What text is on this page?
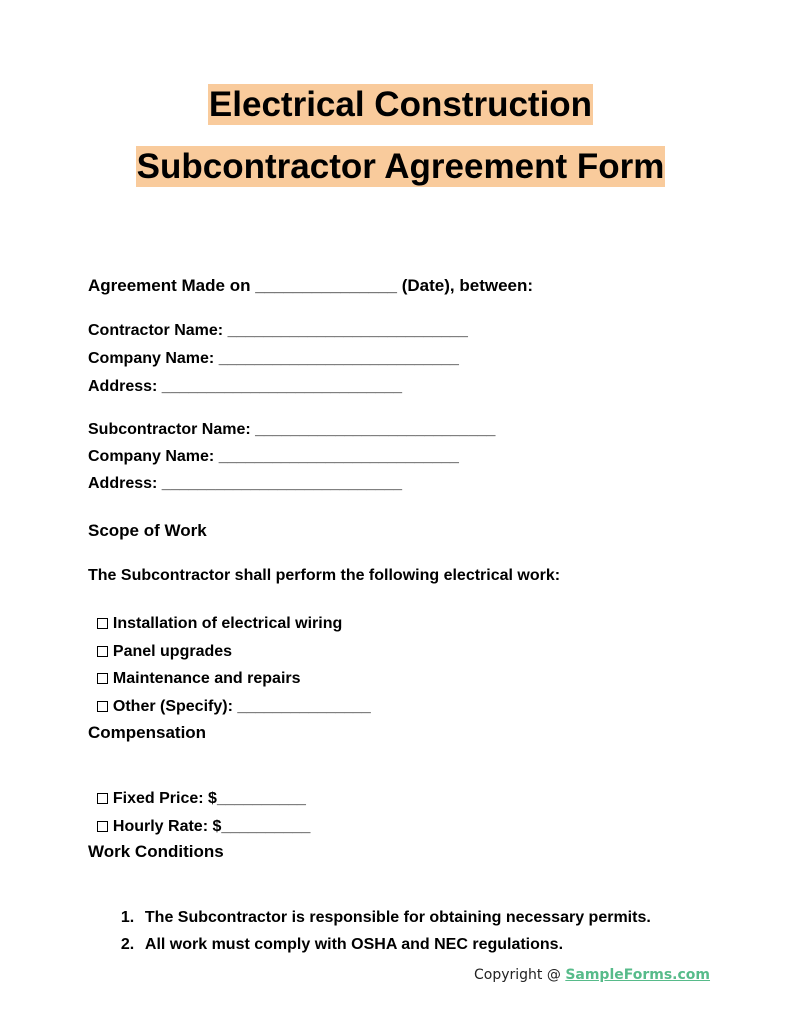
Electrical Construction
Subcontractor Agreement Form
Agreement Made on _______________ (Date), between:
Contractor Name: ___________________________
Company Name: ___________________________
Address: ___________________________
Subcontractor Name: ___________________________
Company Name: ___________________________
Address: ___________________________
Scope of Work
The Subcontractor shall perform the following electrical work:

Installation of electrical wiring

Panel upgrades

Maintenance and repairs

Other (Specify): _______________

Compensation

Fixed Price: $__________

Hourly Rate: $__________

Work Conditions

1. The Subcontractor is responsible for obtaining necessary permits.

2. All work must comply with OSHA and NEC regulations.

Copyright @ SampleForms.com
